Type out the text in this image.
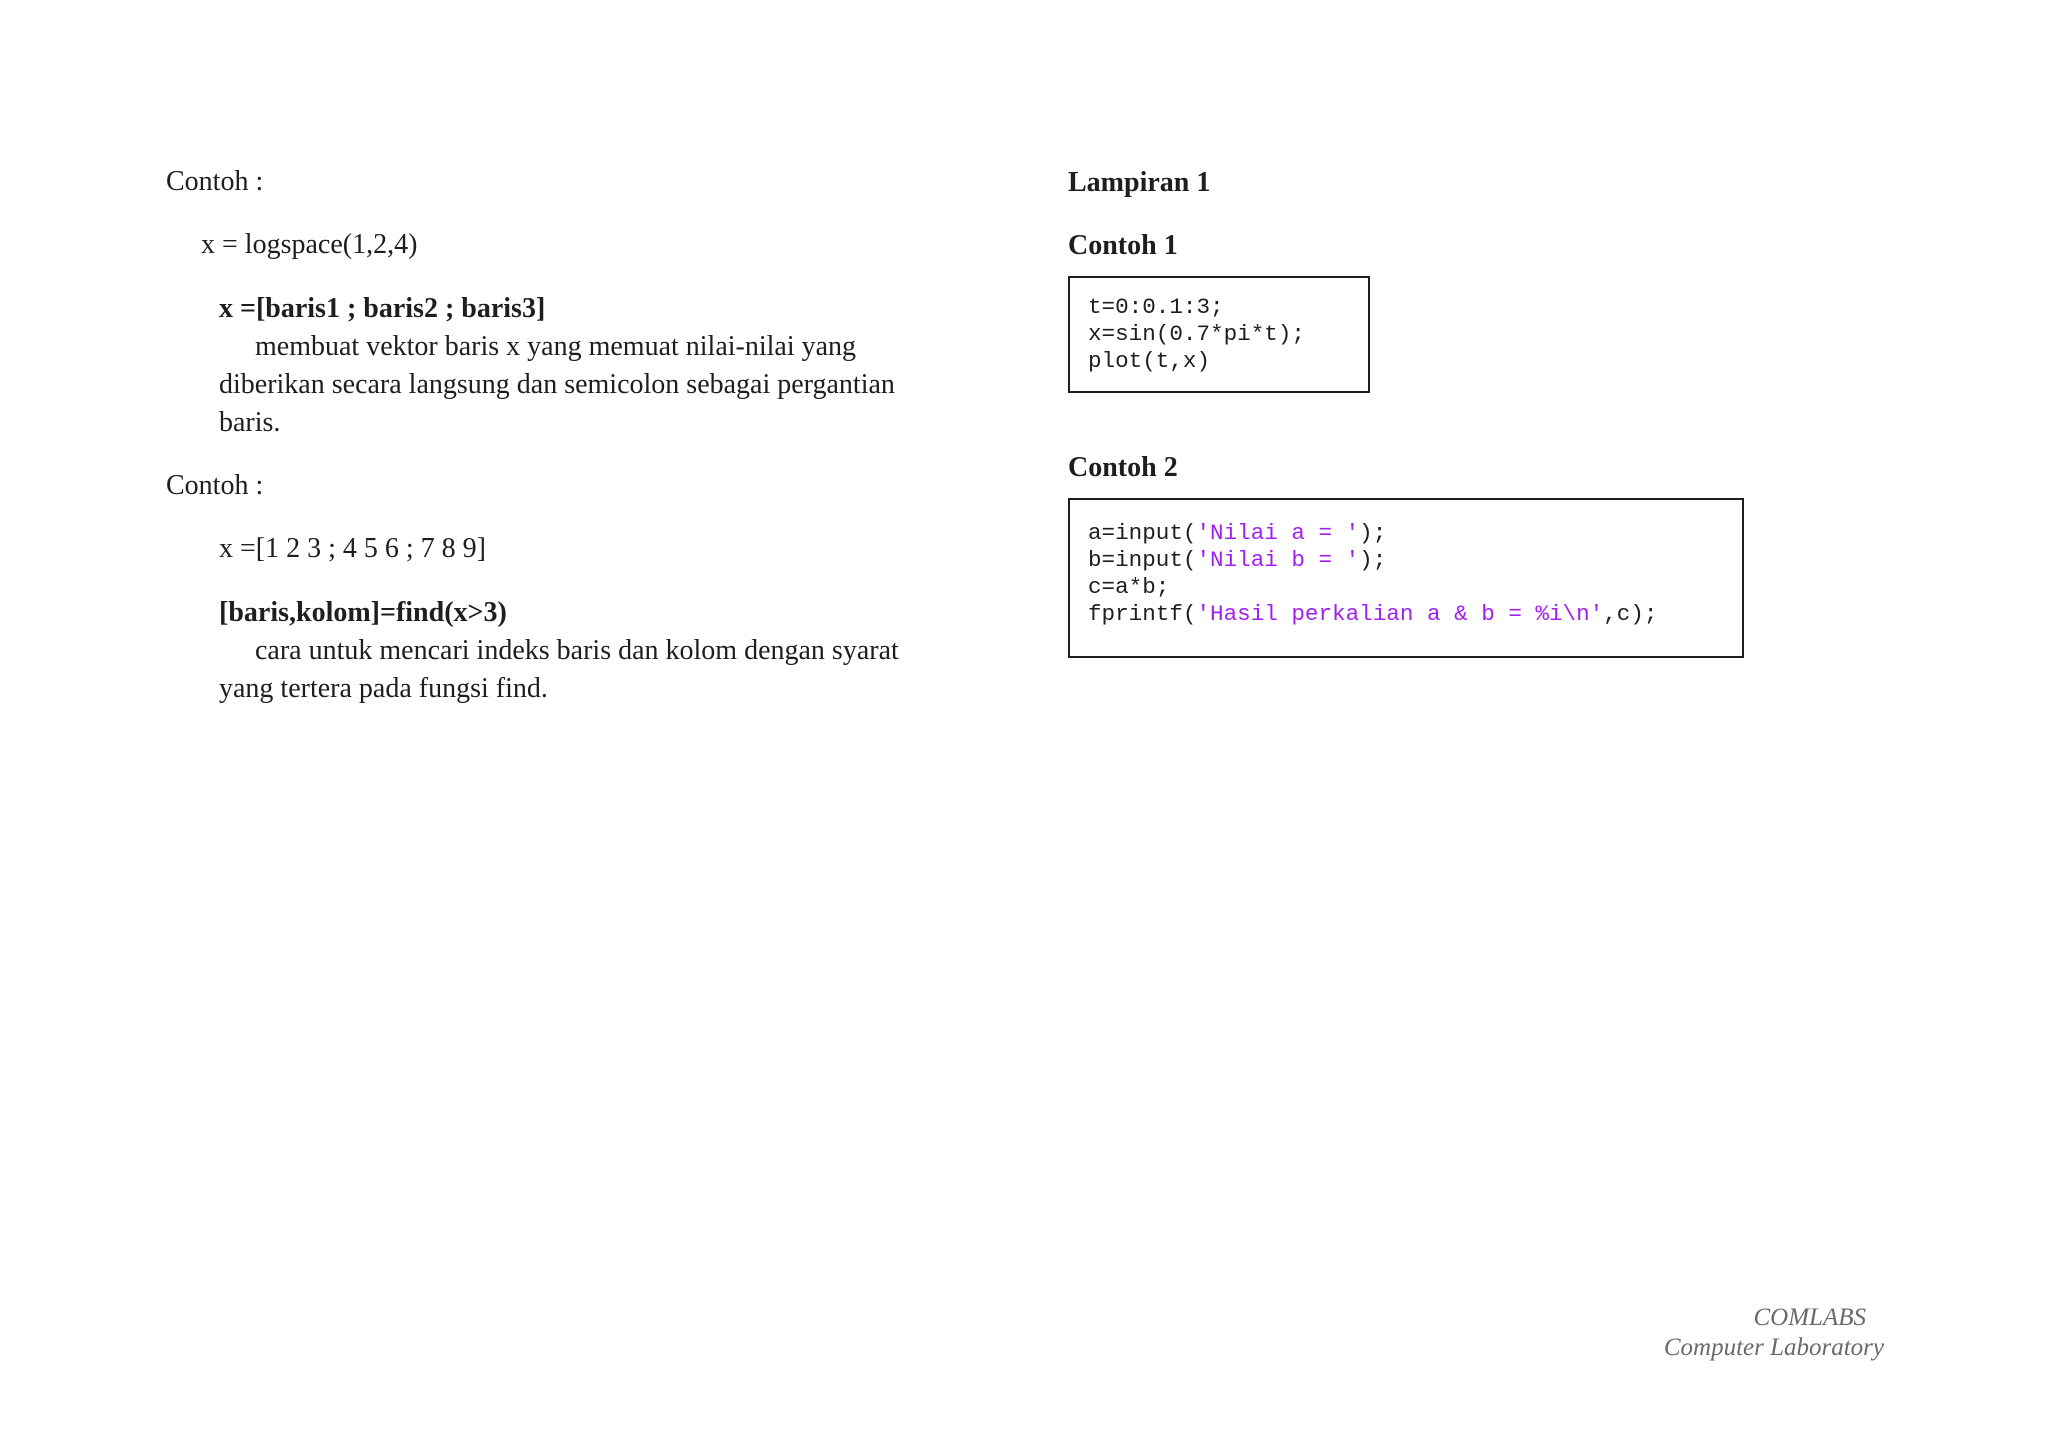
Contoh :
x = logspace(1,2,4)
x =[baris1 ; baris2 ; baris3]
membuat vektor baris x yang memuat nilai-nilai yang
diberikan secara langsung dan semicolon sebagai pergantian
baris.
Contoh :
x =[1 2 3 ; 4 5 6 ; 7 8 9]
[baris,kolom]=find(x>3)
cara untuk mencari indeks baris dan kolom dengan syarat
yang tertera pada fungsi find.
Lampiran 1
Contoh 1
t=0:0.1:3;
x=sin(0.7*pi*t);
plot(t,x)
Contoh 2
a=input('Nilai a = ');
b=input('Nilai b = ');
c=a*b;
fprintf('Hasil perkalian a & b = %i\n',c);
COMLABS
Computer Laboratory
